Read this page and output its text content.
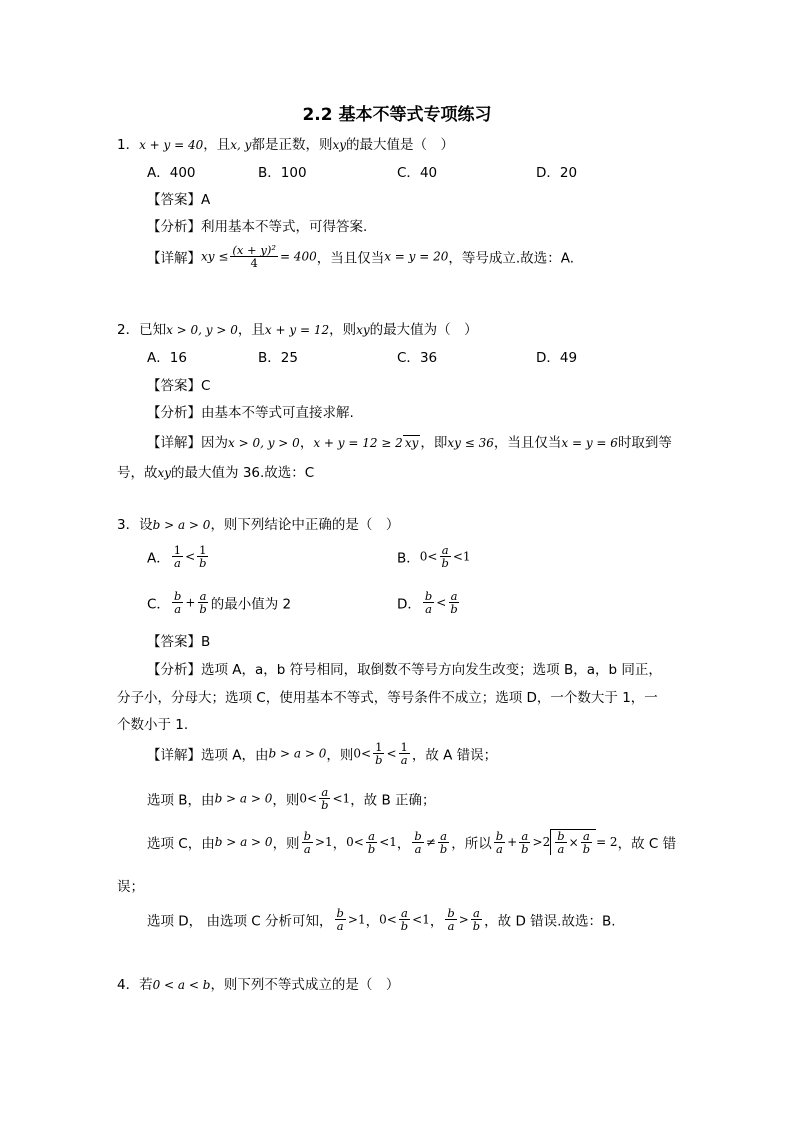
2.2 基本不等式专项练习
1．x + y = 40，且x, y都是正数，则xy的最大值是（　）
A．400	B．100	C．40	D．20
【答案】A
【分析】利用基本不等式，可得答案.
【详解】xy ≤ $\frac{\text{(x + y)²}}{4} = 400$，当且仅当x = y = 20，等号成立.故选：A.
2．已知x > 0, y > 0，且x + y = 12，则xy的最大值为（　）
A．16	B．25	C．36	D．49
【答案】C
【分析】由基本不等式可直接求解.
【详解】因为x > 0, y > 0，x + y = 12 ≥ 2 xy ，即xy ≤ 36，当且仅当x = y = 6时取到等
号，故xy的最大值为 36.故选：C
3．设b > a > 0，则下列结论中正确的是（　）
A． $\frac{1}{a} < \frac{1}{b}$	B．$0< \frac{a}{b} <1$
C． $\frac{b}{a} + \frac{a}{b}$ 的最小值为 2	D． $\frac{b}{a} < \frac{a}{b}$
【答案】B
【分析】选项 A，a，b 符号相同，取倒数不等号方向发生改变；选项 B，a，b 同正，
分子小，分母大；选项 C，使用基本不等式，等号条件不成立；选项 D，一个数大于 1，一
个数小于 1.
【详解】选项 A，由b > a > 0，则$0< \frac{1}{b} < \frac{1}{a}$ ，故 A 错误；
选项 B，由b > a > 0，则$0< \frac{a}{b} <1$，故 B 正确；
选项 C，由b > a > 0，则 $\frac{b}{a} >1$，$0< \frac{a}{b} <1$， $\frac{b}{a} \ne \frac{a}{b}$ ，所以 $\frac{b}{a} + \frac{a}{b} >2 \frac{b}{a} \times \frac{a}{b} = 2$，故 C 错
误；
选项 D， 由选项 C 分析可知， $\frac{b}{a} >1$，$0< \frac{a}{b} <1$， $\frac{b}{a} > \frac{a}{b}$ ，故 D 错误.故选：B.
4．若0 < a < b，则下列不等式成立的是（　）
